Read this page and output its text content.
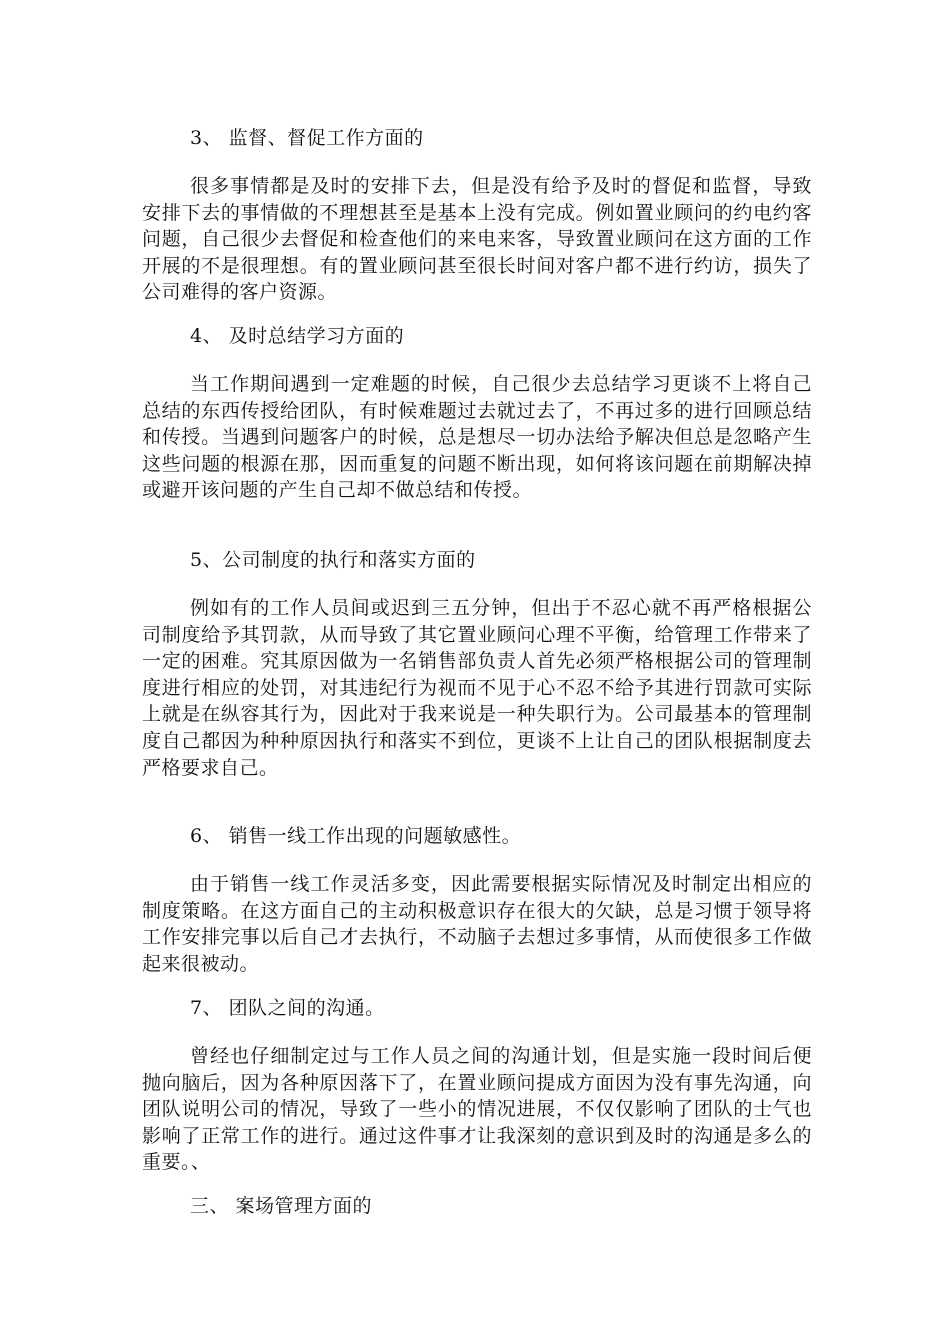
3、 监督、督促工作方面的
很多事情都是及时的安排下去，但是没有给予及时的督促和监督，导致安排下去的事情做的不理想甚至是基本上没有完成。例如置业顾问的约电约客问题，自己很少去督促和检查他们的来电来客，导致置业顾问在这方面的工作开展的不是很理想。有的置业顾问甚至很长时间对客户都不进行约访，损失了公司难得的客户资源。
4、 及时总结学习方面的
当工作期间遇到一定难题的时候，自己很少去总结学习更谈不上将自己总结的东西传授给团队，有时候难题过去就过去了，不再过多的进行回顾总结和传授。当遇到问题客户的时候，总是想尽一切办法给予解决但总是忽略产生这些问题的根源在那，因而重复的问题不断出现，如何将该问题在前期解决掉或避开该问题的产生自己却不做总结和传授。
5、公司制度的执行和落实方面的
例如有的工作人员间或迟到三五分钟，但出于不忍心就不再严格根据公司制度给予其罚款，从而导致了其它置业顾问心理不平衡，给管理工作带来了一定的困难。究其原因做为一名销售部负责人首先必须严格根据公司的管理制度进行相应的处罚，对其违纪行为视而不见于心不忍不给予其进行罚款可实际上就是在纵容其行为，因此对于我来说是一种失职行为。公司最基本的管理制度自己都因为种种原因执行和落实不到位，更谈不上让自己的团队根据制度去严格要求自己。
6、 销售一线工作出现的问题敏感性。
由于销售一线工作灵活多变，因此需要根据实际情况及时制定出相应的制度策略。在这方面自己的主动积极意识存在很大的欠缺，总是习惯于领导将工作安排完事以后自己才去执行，不动脑子去想过多事情，从而使很多工作做起来很被动。
7、 团队之间的沟通。
曾经也仔细制定过与工作人员之间的沟通计划，但是实施一段时间后便抛向脑后，因为各种原因落下了，在置业顾问提成方面因为没有事先沟通，向团队说明公司的情况，导致了一些小的情况进展，不仅仅影响了团队的士气也影响了正常工作的进行。通过这件事才让我深刻的意识到及时的沟通是多么的重要。、
三、 案场管理方面的
